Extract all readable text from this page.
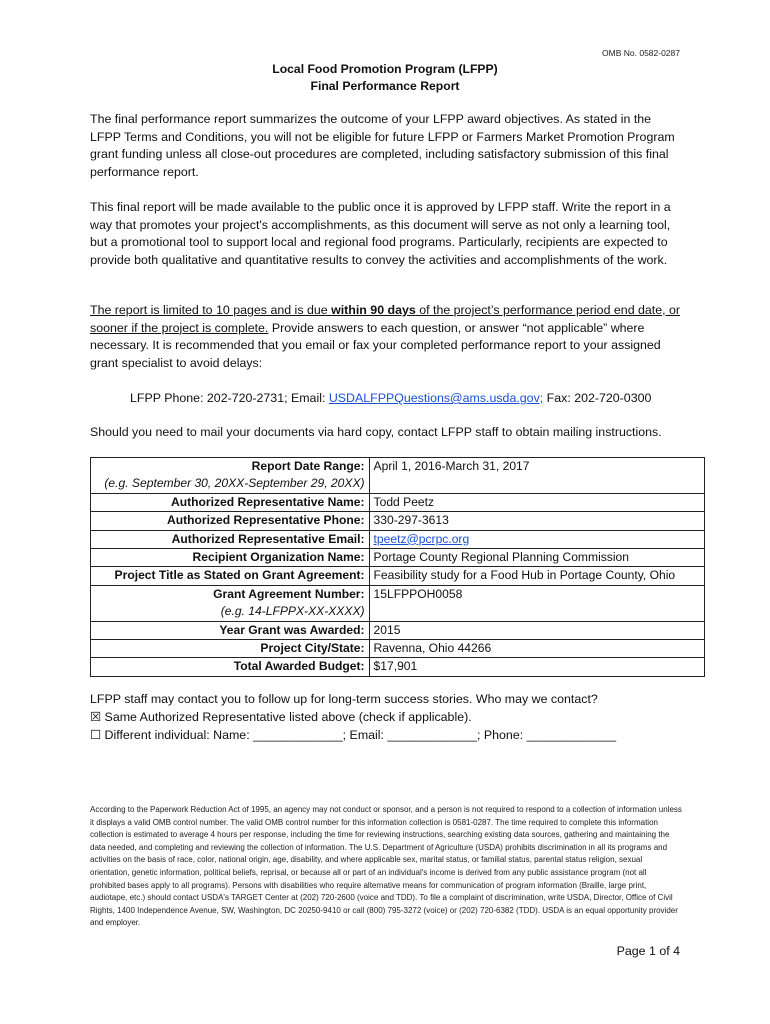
OMB No. 0582-0287
Local Food Promotion Program (LFPP)
Final Performance Report
The final performance report summarizes the outcome of your LFPP award objectives. As stated in the LFPP Terms and Conditions, you will not be eligible for future LFPP or Farmers Market Promotion Program grant funding unless all close-out procedures are completed, including satisfactory submission of this final performance report.
This final report will be made available to the public once it is approved by LFPP staff. Write the report in a way that promotes your project's accomplishments, as this document will serve as not only a learning tool, but a promotional tool to support local and regional food programs. Particularly, recipients are expected to provide both qualitative and quantitative results to convey the activities and accomplishments of the work.
The report is limited to 10 pages and is due within 90 days of the project’s performance period end date, or sooner if the project is complete. Provide answers to each question, or answer “not applicable” where necessary. It is recommended that you email or fax your completed performance report to your assigned grant specialist to avoid delays:
LFPP Phone: 202-720-2731; Email: USDALFPPQuestions@ams.usda.gov; Fax: 202-720-0300
Should you need to mail your documents via hard copy, contact LFPP staff to obtain mailing instructions.
Report Date Range:
(e.g. September 30, 20XX-September 29, 20XX)	April 1, 2016-March 31, 2017
Authorized Representative Name:	Todd Peetz
Authorized Representative Phone:	330-297-3613
Authorized Representative Email:	tpeetz@pcrpc.org
Recipient Organization Name:	Portage County Regional Planning Commission
Project Title as Stated on Grant Agreement:	Feasibility study for a Food Hub in Portage County, Ohio
Grant Agreement Number:
(e.g. 14-LFPPX-XX-XXXX)	15LFPPOH0058
Year Grant was Awarded:	2015
Project City/State:	Ravenna, Ohio 44266
Total Awarded Budget:	$17,901
LFPP staff may contact you to follow up for long-term success stories. Who may we contact?
☒ Same Authorized Representative listed above (check if applicable).
☐ Different individual: Name: _____________; Email: _____________; Phone: _____________
According to the Paperwork Reduction Act of 1995, an agency may not conduct or sponsor, and a person is not required to respond to a collection of information unless it displays a valid OMB control number. The valid OMB control number for this information collection is 0581-0287. The time required to complete this information collection is estimated to average 4 hours per response, including the time for reviewing instructions, searching existing data sources, gathering and maintaining the data needed, and completing and reviewing the collection of information. The U.S. Department of Agriculture (USDA) prohibits discrimination in all its programs and activities on the basis of race, color, national origin, age, disability, and where applicable sex, marital status, or familial status, parental status religion, sexual orientation, genetic information, political beliefs, reprisal, or because all or part of an individual's income is derived from any public assistance program (not all prohibited bases apply to all programs). Persons with disabilities who require alternative means for communication of program information (Braille, large print, audiotape, etc.) should contact USDA's TARGET Center at (202) 720-2600 (voice and TDD). To file a complaint of discrimination, write USDA, Director, Office of Civil Rights, 1400 Independence Avenue, SW, Washington, DC 20250-9410 or call (800) 795-3272 (voice) or (202) 720-6382 (TDD). USDA is an equal opportunity provider and employer.
Page 1 of 4
